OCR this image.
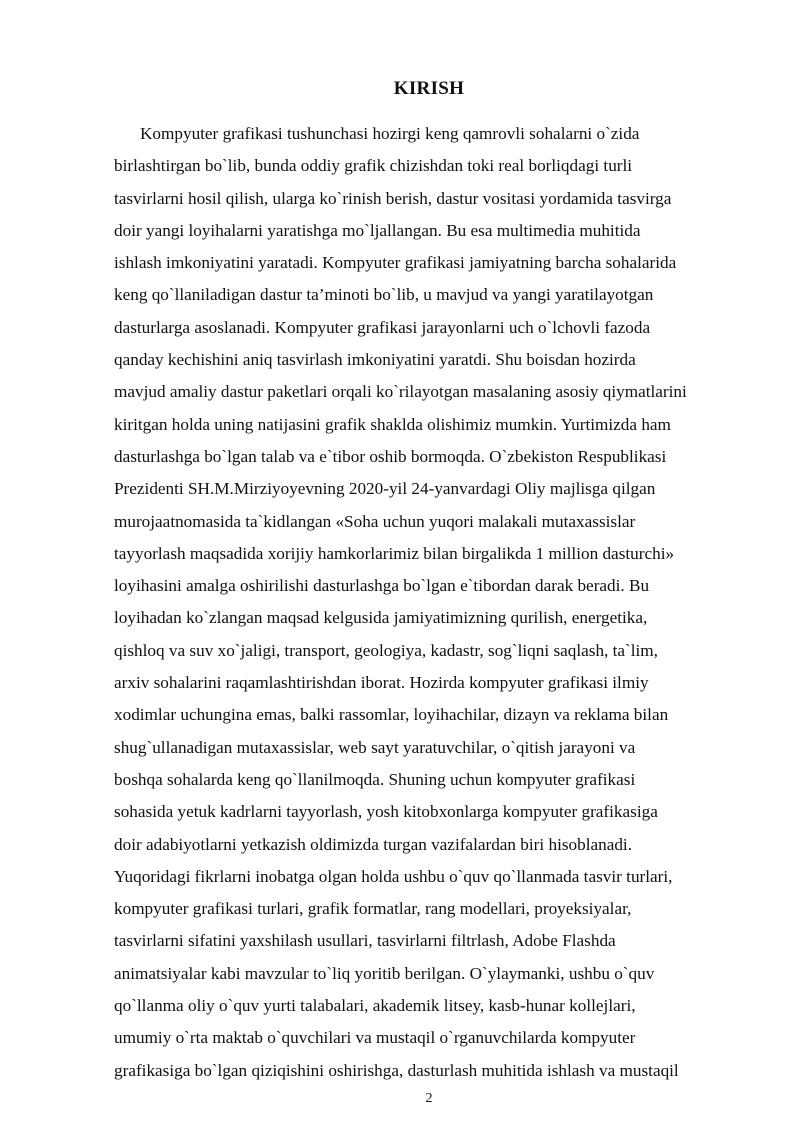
KIRISH
Kompyuter grafikasi tushunchasi hozirgi keng qamrovli sohalarni o`zida
birlashtirgan bo`lib, bunda oddiy grafik chizishdan toki real borliqdagi turli
tasvirlarni hosil qilish, ularga ko`rinish berish, dastur vositasi yordamida tasvirga
doir yangi loyihalarni yaratishga mo`ljallangan. Bu esa multimedia muhitida
ishlash imkoniyatini yaratadi. Kompyuter grafikasi jamiyatning barcha sohalarida
keng qo`llaniladigan dastur ta’minoti bo`lib, u mavjud va yangi yaratilayotgan
dasturlarga asoslanadi. Kompyuter grafikasi jarayonlarni uch o`lchovli fazoda
qanday kechishini aniq tasvirlash imkoniyatini yaratdi. Shu boisdan hozirda
mavjud amaliy dastur paketlari orqali ko`rilayotgan masalaning asosiy qiymatlarini
kiritgan holda uning natijasini grafik shaklda olishimiz mumkin. Yurtimizda ham
dasturlashga bo`lgan talab va e`tibor oshib bormoqda. O`zbekiston Respublikasi
Prezidenti SH.M.Mirziyoyevning 2020-yil 24-yanvardagi Oliy majlisga qilgan
murojaatnomasida ta`kidlangan «Soha uchun yuqori malakali mutaxassislar
tayyorlash maqsadida xorijiy hamkorlarimiz bilan birgalikda 1 million dasturchi»
loyihasini amalga oshirilishi dasturlashga bo`lgan e`tibordan darak beradi. Bu
loyihadan ko`zlangan maqsad kelgusida jamiyatimizning qurilish, energetika,
qishloq va suv xo`jaligi, transport, geologiya, kadastr, sog`liqni saqlash, ta`lim,
arxiv sohalarini raqamlashtirishdan iborat. Hozirda kompyuter grafikasi ilmiy
xodimlar uchungina emas, balki rassomlar, loyihachilar, dizayn va reklama bilan
shug`ullanadigan mutaxassislar, web sayt yaratuvchilar, o`qitish jarayoni va
boshqa sohalarda keng qo`llanilmoqda. Shuning uchun kompyuter grafikasi
sohasida yetuk kadrlarni tayyorlash, yosh kitobxonlarga kompyuter grafikasiga
doir adabiyotlarni yetkazish oldimizda turgan vazifalardan biri hisoblanadi.
Yuqoridagi fikrlarni inobatga olgan holda ushbu o`quv qo`llanmada tasvir turlari,
kompyuter grafikasi turlari, grafik formatlar, rang modellari, proyeksiyalar,
tasvirlarni sifatini yaxshilash usullari, tasvirlarni filtrlash, Adobe Flashda
animatsiyalar kabi mavzular to`liq yoritib berilgan. O`ylaymanki, ushbu o`quv
qo`llanma oliy o`quv yurti talabalari, akademik litsey, kasb-hunar kollejlari,
umumiy o`rta maktab o`quvchilari va mustaqil o`rganuvchilarda kompyuter
grafikasiga bo`lgan qiziqishini oshirishga, dasturlash muhitida ishlash va mustaqil
2
